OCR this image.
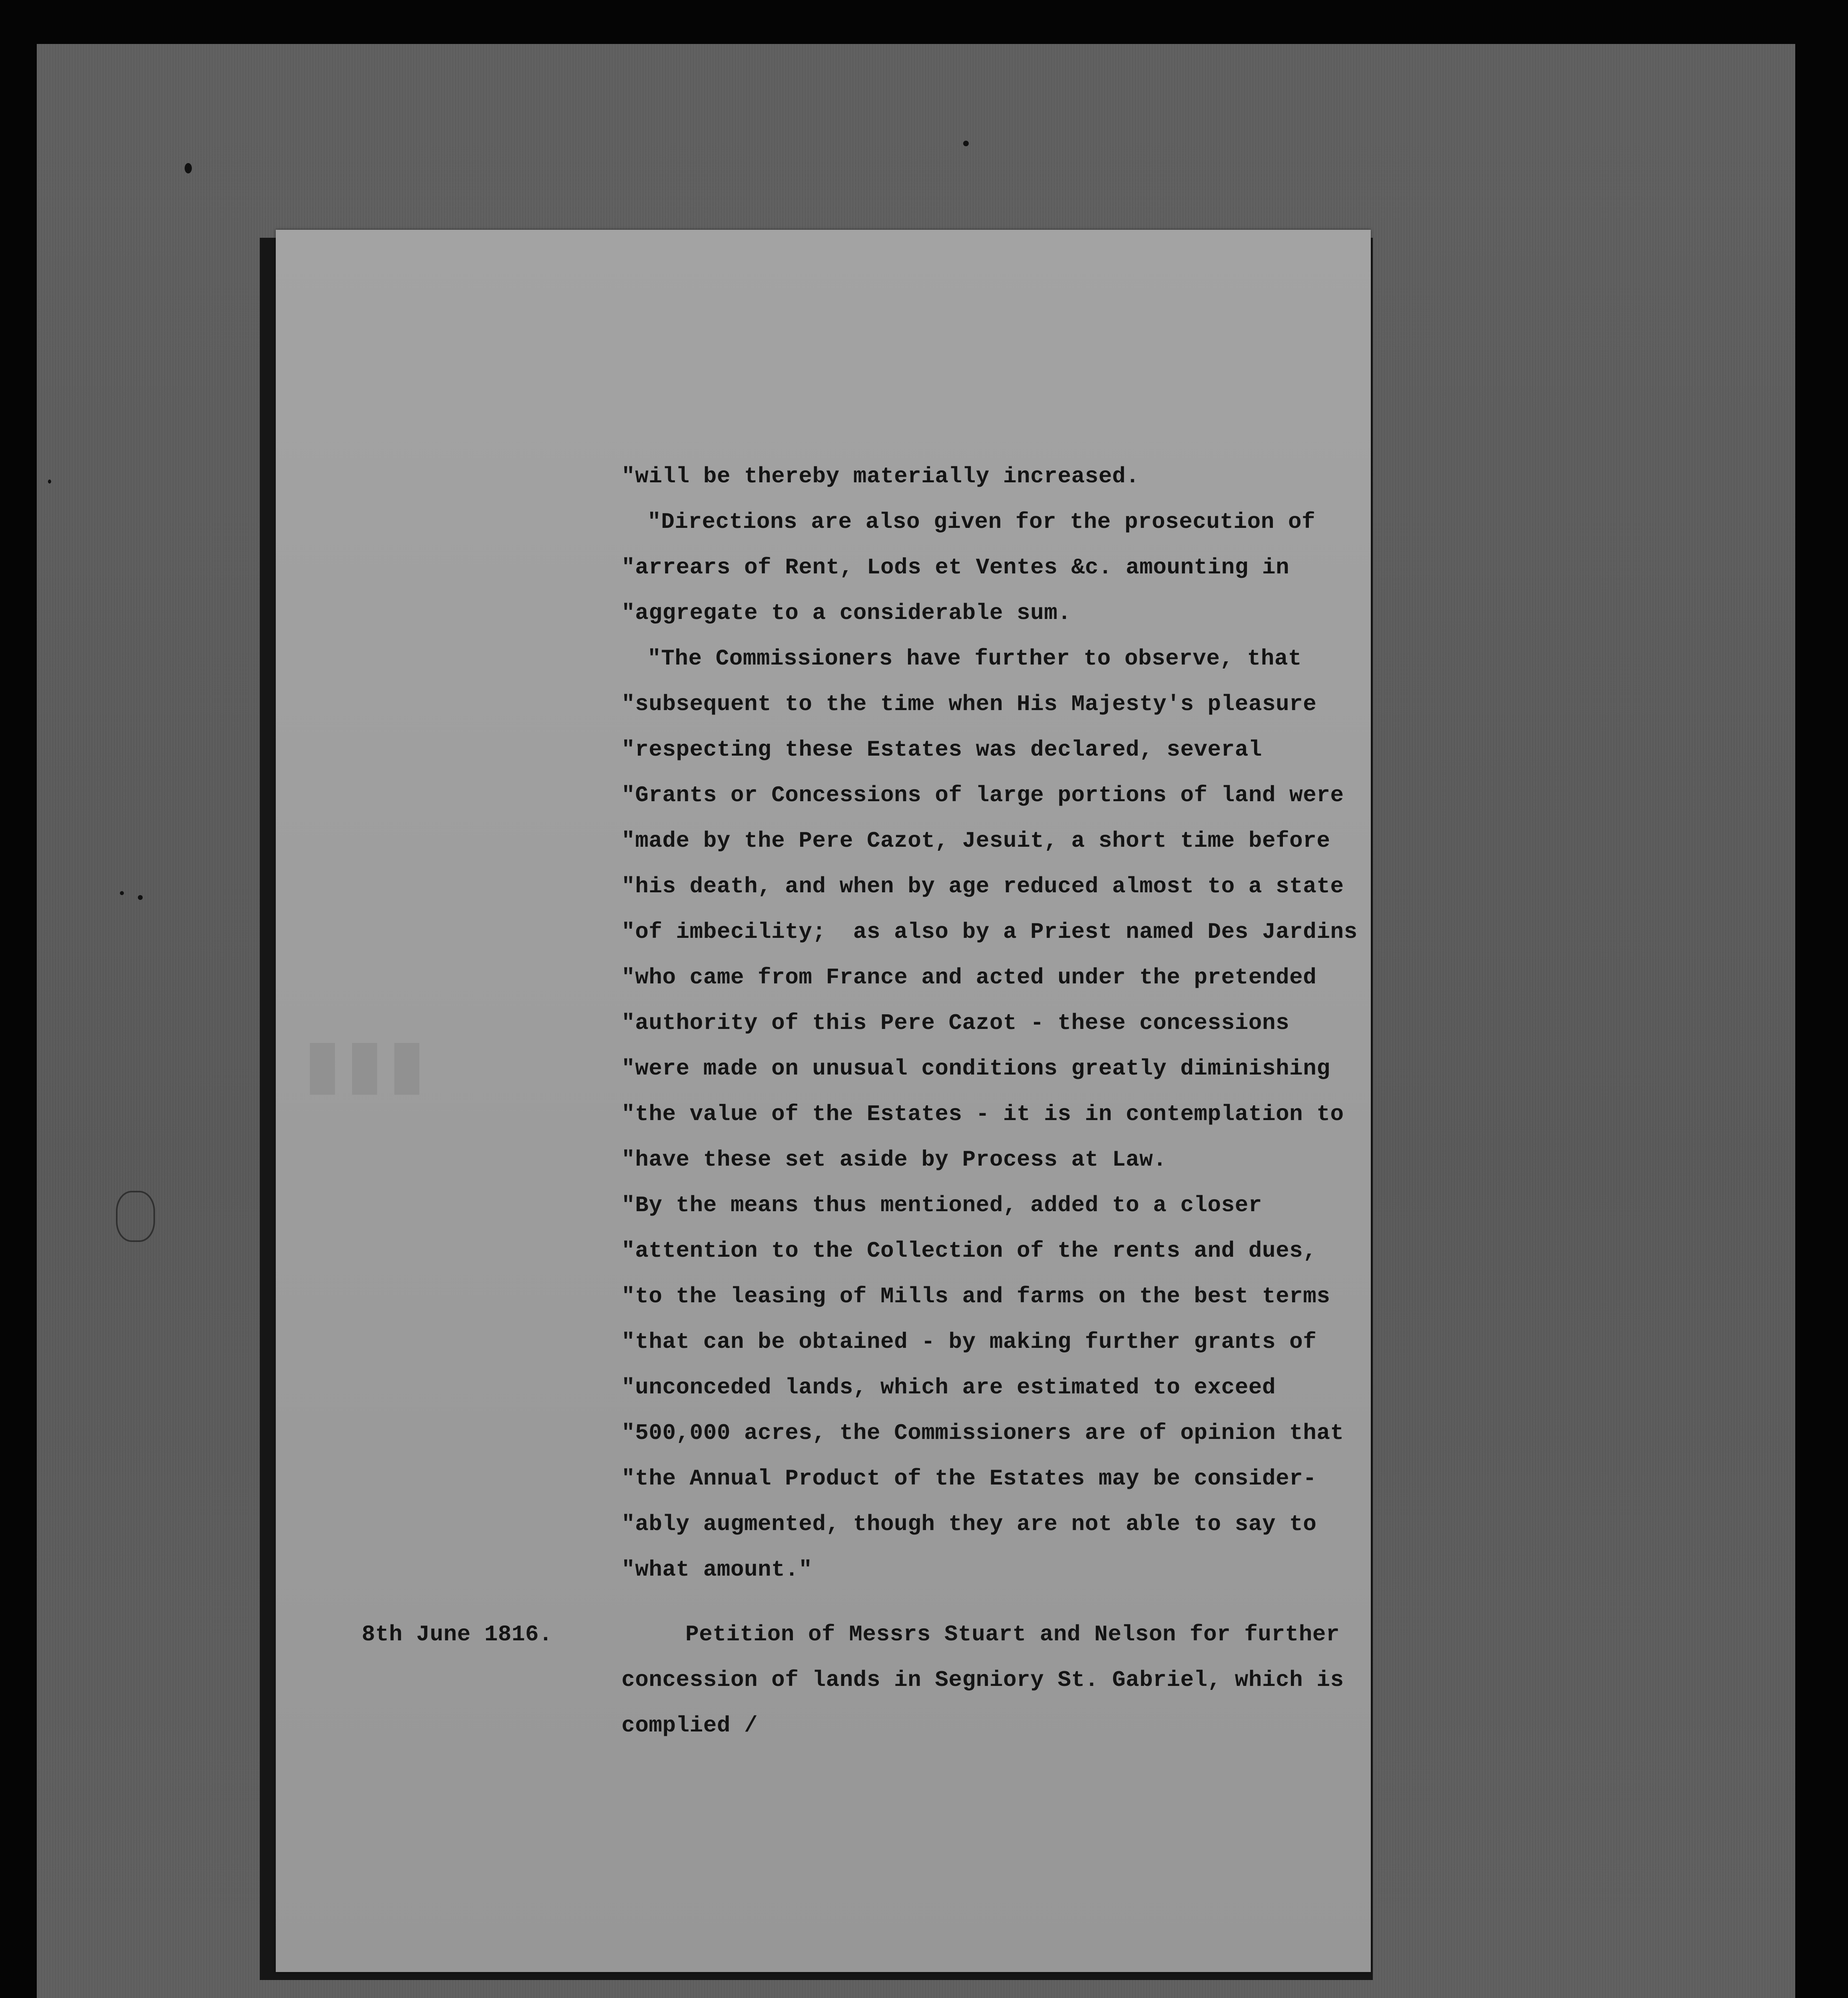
▮▮▮
"will be thereby materially increased.
"Directions are also given for the prosecution of
"arrears of Rent, Lods et Ventes &c. amounting in
"aggregate to a considerable sum.
"The Commissioners have further to observe, that
"subsequent to the time when His Majesty's pleasure
"respecting these Estates was declared, several
"Grants or Concessions of large portions of land were
"made by the Pere Cazot, Jesuit, a short time before
"his death, and when by age reduced almost to a state
"of imbecility;  as also by a Priest named Des Jardins
"who came from France and acted under the pretended
"authority of this Pere Cazot - these concessions
"were made on unusual conditions greatly diminishing
"the value of the Estates - it is in contemplation to
"have these set aside by Process at Law.
"By the means thus mentioned, added to a closer
"attention to the Collection of the rents and dues,
"to the leasing of Mills and farms on the best terms
"that can be obtained - by making further grants of
"unconceded lands, which are estimated to exceed
"500,000 acres, the Commissioners are of opinion that
"the Annual Product of the Estates may be consider-
"ably augmented, though they are not able to say to
"what amount."
8th June 1816.	Petition of Messrs Stuart and Nelson for further
concession of lands in Segniory St. Gabriel, which is
complied /
